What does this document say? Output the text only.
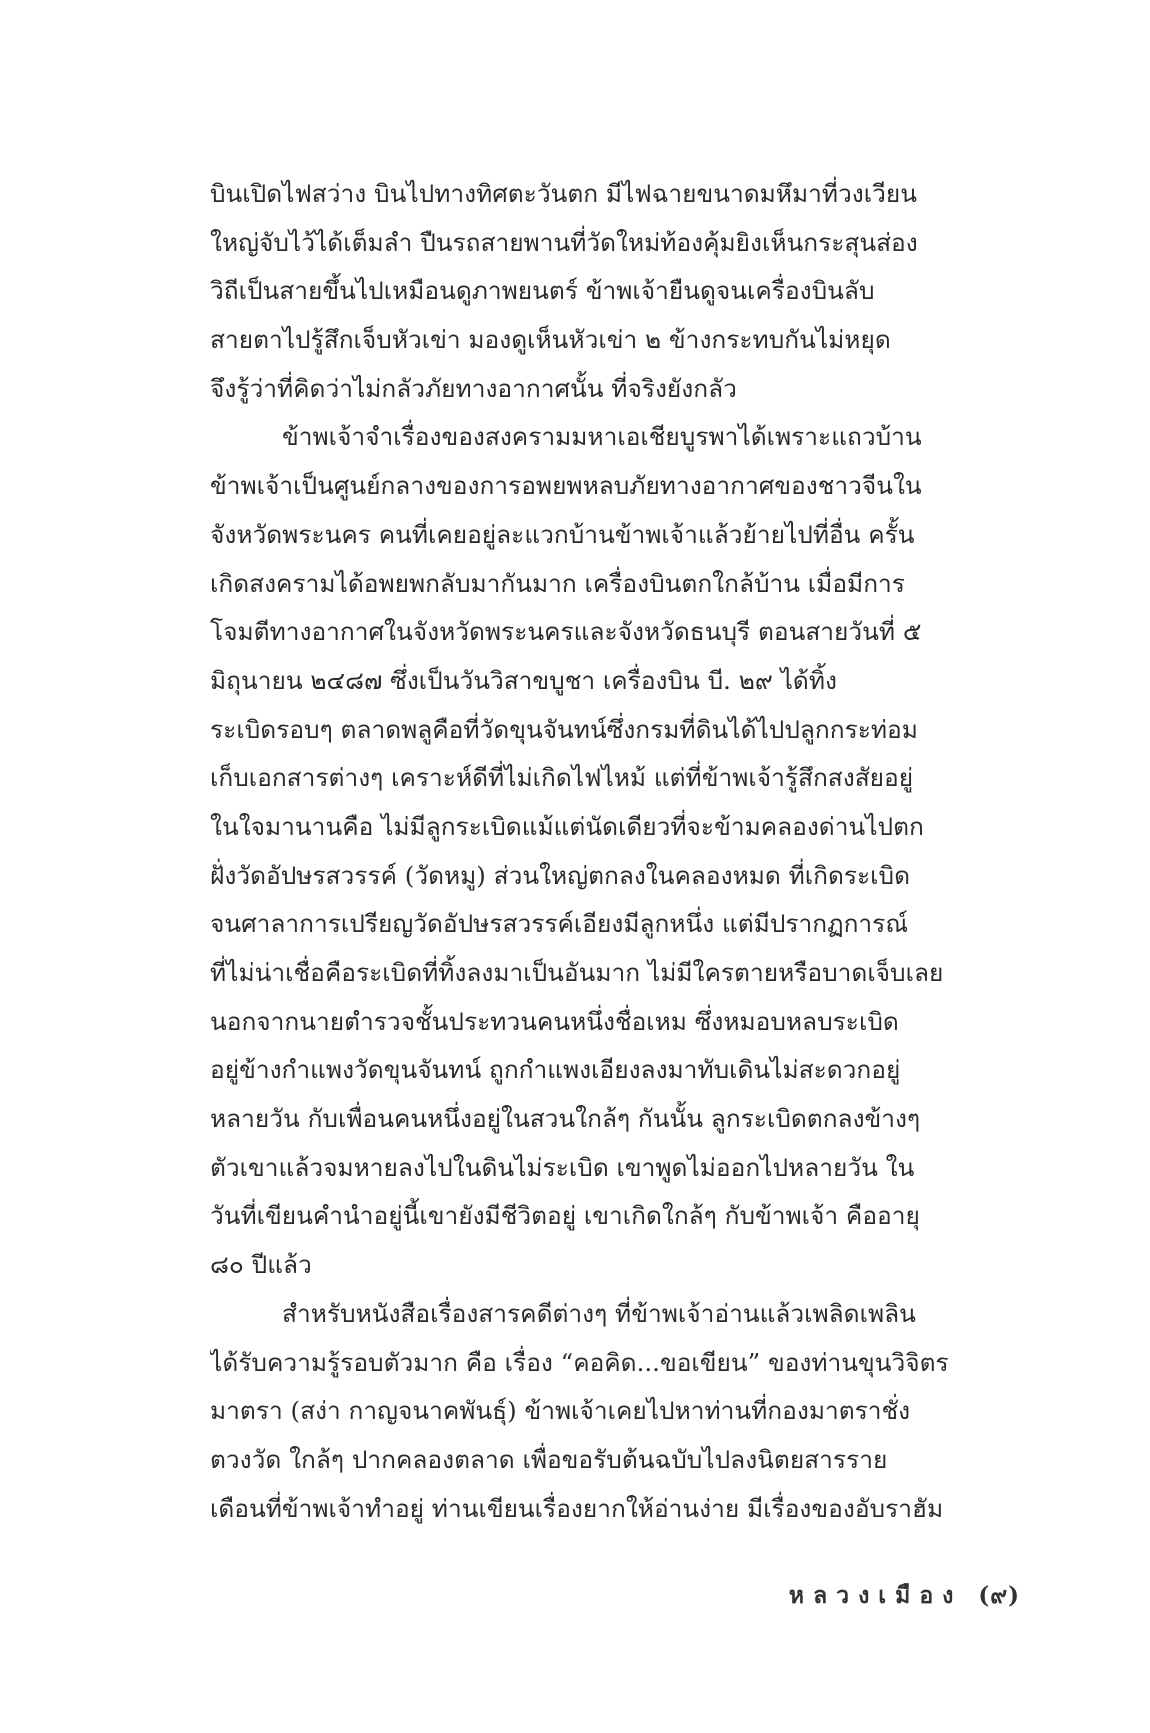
บินเปิดไฟสว่าง บินไปทางทิศตะวันตก มีไฟฉายขนาดมหึมาที่วงเวียน
ใหญ่จับไว้ได้เต็มลำ ปืนรถสายพานที่วัดใหม่ท้องคุ้มยิงเห็นกระสุนส่อง
วิถีเป็นสายขึ้นไปเหมือนดูภาพยนตร์ ข้าพเจ้ายืนดูจนเครื่องบินลับ
สายตาไปรู้สึกเจ็บหัวเข่า มองดูเห็นหัวเข่า ๒ ข้างกระทบกันไม่หยุด
จึงรู้ว่าที่คิดว่าไม่กลัวภัยทางอากาศนั้น ที่จริงยังกลัว
ข้าพเจ้าจำเรื่องของสงครามมหาเอเชียบูรพาได้เพราะแถวบ้าน
ข้าพเจ้าเป็นศูนย์กลางของการอพยพหลบภัยทางอากาศของชาวจีนใน
จังหวัดพระนคร คนที่เคยอยู่ละแวกบ้านข้าพเจ้าแล้วย้ายไปที่อื่น ครั้น
เกิดสงครามได้อพยพกลับมากันมาก เครื่องบินตกใกล้บ้าน เมื่อมีการ
โจมตีทางอากาศในจังหวัดพระนครและจังหวัดธนบุรี ตอนสายวันที่ ๕
มิถุนายน ๒๔๘๗ ซึ่งเป็นวันวิสาขบูชา เครื่องบิน บี. ๒๙ ได้ทิ้ง
ระเบิดรอบๆ ตลาดพลูคือที่วัดขุนจันทน์ซึ่งกรมที่ดินได้ไปปลูกกระท่อม
เก็บเอกสารต่างๆ เคราะห์ดีที่ไม่เกิดไฟไหม้ แต่ที่ข้าพเจ้ารู้สึกสงสัยอยู่
ในใจมานานคือ ไม่มีลูกระเบิดแม้แต่นัดเดียวที่จะข้ามคลองด่านไปตก
ฝั่งวัดอัปษรสวรรค์ (วัดหมู) ส่วนใหญ่ตกลงในคลองหมด ที่เกิดระเบิด
จนศาลาการเปรียญวัดอัปษรสวรรค์เอียงมีลูกหนึ่ง แต่มีปรากฏการณ์
ที่ไม่น่าเชื่อคือระเบิดที่ทิ้งลงมาเป็นอันมาก ไม่มีใครตายหรือบาดเจ็บเลย
นอกจากนายตำรวจชั้นประทวนคนหนึ่งชื่อเหม ซึ่งหมอบหลบระเบิด
อยู่ข้างกำแพงวัดขุนจันทน์ ถูกกำแพงเอียงลงมาทับเดินไม่สะดวกอยู่
หลายวัน กับเพื่อนคนหนึ่งอยู่ในสวนใกล้ๆ กันนั้น ลูกระเบิดตกลงข้างๆ
ตัวเขาแล้วจมหายลงไปในดินไม่ระเบิด เขาพูดไม่ออกไปหลายวัน ใน
วันที่เขียนคำนำอยู่นี้เขายังมีชีวิตอยู่ เขาเกิดใกล้ๆ กับข้าพเจ้า คืออายุ
๘๐ ปีแล้ว
สำหรับหนังสือเรื่องสารคดีต่างๆ ที่ข้าพเจ้าอ่านแล้วเพลิดเพลิน
ได้รับความรู้รอบตัวมาก คือ เรื่อง “คอคิด...ขอเขียน” ของท่านขุนวิจิตร
มาตรา (สง่า กาญจนาคพันธุ์) ข้าพเจ้าเคยไปหาท่านที่กองมาตราชั่ง
ตวงวัด ใกล้ๆ ปากคลองตลาด เพื่อขอรับต้นฉบับไปลงนิตยสารราย
เดือนที่ข้าพเจ้าทำอยู่ ท่านเขียนเรื่องยากให้อ่านง่าย มีเรื่องของอับราฮัม
หลวงเมือง (๙)
